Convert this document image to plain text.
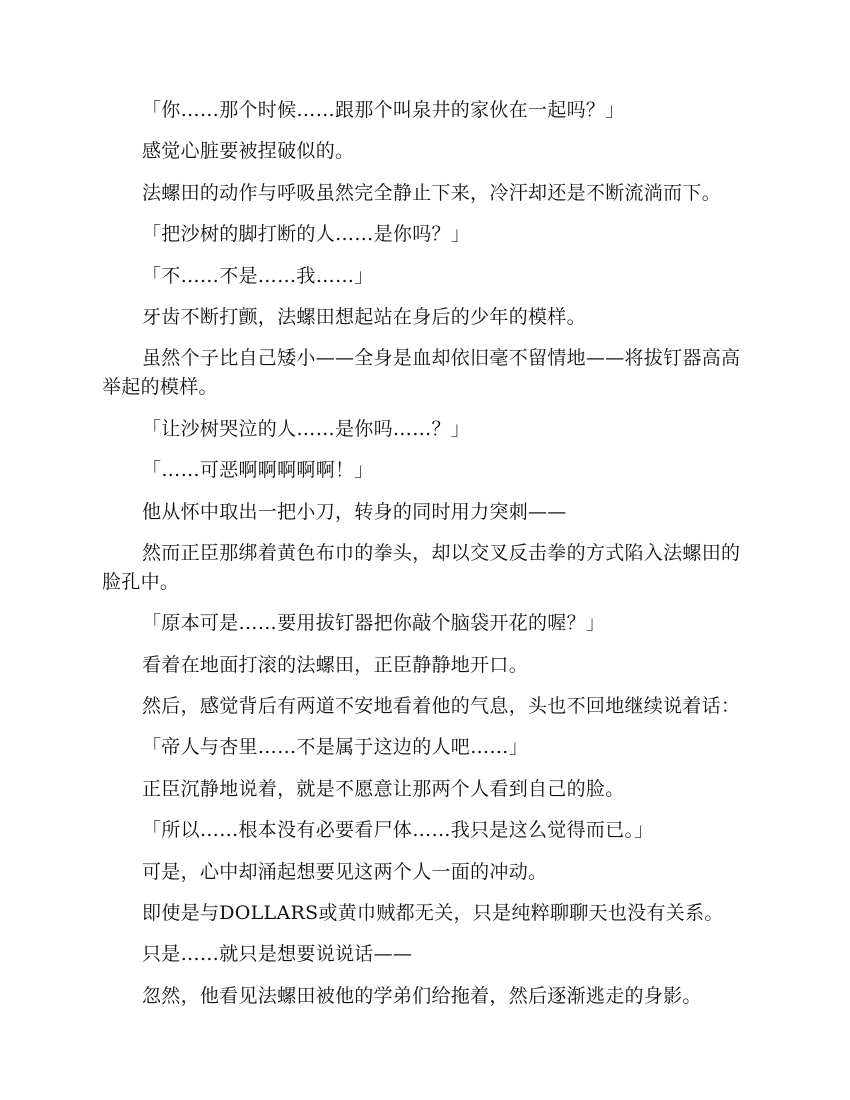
「你……那个时候……跟那个叫泉井的家伙在一起吗？」

感觉心脏要被捏破似的。

法螺田的动作与呼吸虽然完全静止下来，冷汗却还是不断流淌而下。

「把沙树的脚打断的人……是你吗？」

「不……不是……我……」

牙齿不断打颤，法螺田想起站在身后的少年的模样。

虽然个子比自己矮小——全身是血却依旧毫不留情地——将拔钉器高高举起的模样。

「让沙树哭泣的人……是你吗……？」

「……可恶啊啊啊啊啊！」

他从怀中取出一把小刀，转身的同时用力突刺——

然而正臣那绑着黄色布巾的拳头，却以交叉反击拳的方式陷入法螺田的脸孔中。

「原本可是……要用拔钉器把你敲个脑袋开花的喔？」

看着在地面打滚的法螺田，正臣静静地开口。

然后，感觉背后有两道不安地看着他的气息，头也不回地继续说着话：

「帝人与杏里……不是属于这边的人吧……」

正臣沉静地说着，就是不愿意让那两个人看到自己的脸。

「所以……根本没有必要看尸体……我只是这么觉得而已。」

可是，心中却涌起想要见这两个人一面的冲动。

即使是与DOLLARS或黄巾贼都无关，只是纯粹聊聊天也没有关系。

只是……就只是想要说说话——

忽然，他看见法螺田被他的学弟们给拖着，然后逐渐逃走的身影。
